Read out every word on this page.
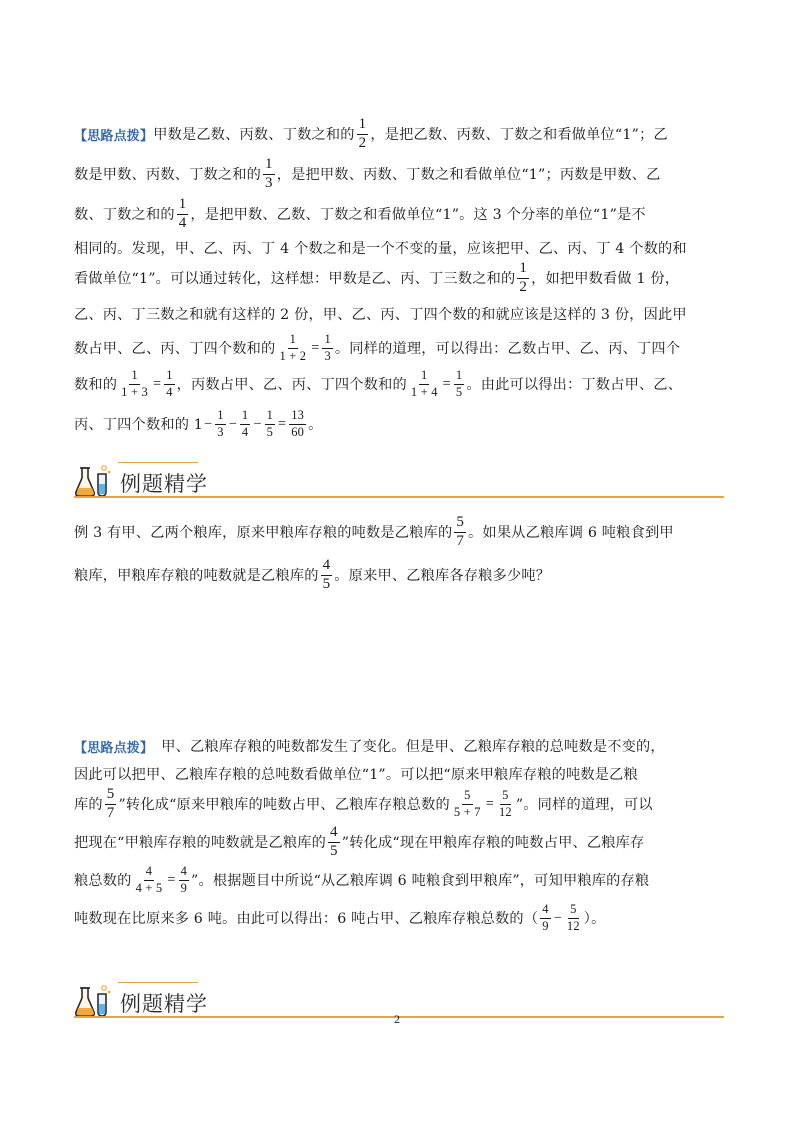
【思路点拨】 甲数是乙数、丙数、丁数之和的 $\frac{1}{2}$ ，是把乙数、丙数、丁数之和看做单位“1”；乙
数是甲数、丙数、丁数之和的 $\frac{1}{3}$ ，是把甲数、丙数、丁数之和看做单位“1”；丙数是甲数、乙
数、丁数之和的 $\frac{1}{4}$ ，是把甲数、乙数、丁数之和看做单位“1”。这 3 个分率的单位“1”是不
相同的。发现，甲、乙、丙、丁 4 个数之和是一个不变的量，应该把甲、乙、丙、丁 4 个数的和
看做单位“1”。可以通过转化，这样想：甲数是乙、丙、丁三数之和的 $\frac{1}{2}$ ，如把甲数看做 1 份，
乙、丙、丁三数之和就有这样的 2 份，甲、乙、丙、丁四个数的和就应该是这样的 3 份，因此甲
数占甲、乙、丙、丁四个数和的 $\frac{1}{1 + 2} = \frac{1}{3}$ 。同样的道理，可以得出：乙数占甲、乙、丙、丁四个
数和的 $\frac{1}{1 + 3} = \frac{1}{4}$ ，丙数占甲、乙、丙、丁四个数和的 $\frac{1}{1 + 4} = \frac{1}{5}$ 。由此可以得出：丁数占甲、乙、
丙、丁四个数和的 $1 - \frac{1}{3} - \frac{1}{4} - \frac{1}{5} = \frac{13}{60}$ 。
例题精学
例 3 有甲、乙两个粮库，原来甲粮库存粮的吨数是乙粮库的 $\frac{5}{7}$ 。如果从乙粮库调 6 吨粮食到甲
粮库，甲粮库存粮的吨数就是乙粮库的 $\frac{4}{5}$ 。原来甲、乙粮库各存粮多少吨？
【思路点拨】 甲、乙粮库存粮的吨数都发生了变化。但是甲、乙粮库存粮的总吨数是不变的，
因此可以把甲、乙粮库存粮的总吨数看做单位“1”。可以把“原来甲粮库存粮的吨数是乙粮
库的 $\frac{5}{7}$ ”转化成“原来甲粮库的吨数占甲、乙粮库存粮总数的 $\frac{5}{5 + 7} = \frac{5}{12}$ ”。同样的道理，可以
把现在“甲粮库存粮的吨数就是乙粮库的 $\frac{4}{5}$ ”转化成“现在甲粮库存粮的吨数占甲、乙粮库存
粮总数的 $\frac{4}{4 + 5} = \frac{4}{9}$ ”。根据题目中所说“从乙粮库调 6 吨粮食到甲粮库”，可知甲粮库的存粮
吨数现在比原来多 6 吨。由此可以得出：6 吨占甲、乙粮库存粮总数的（ $\frac{4}{9} - \frac{5}{12}$ ）。
例题精学
2
